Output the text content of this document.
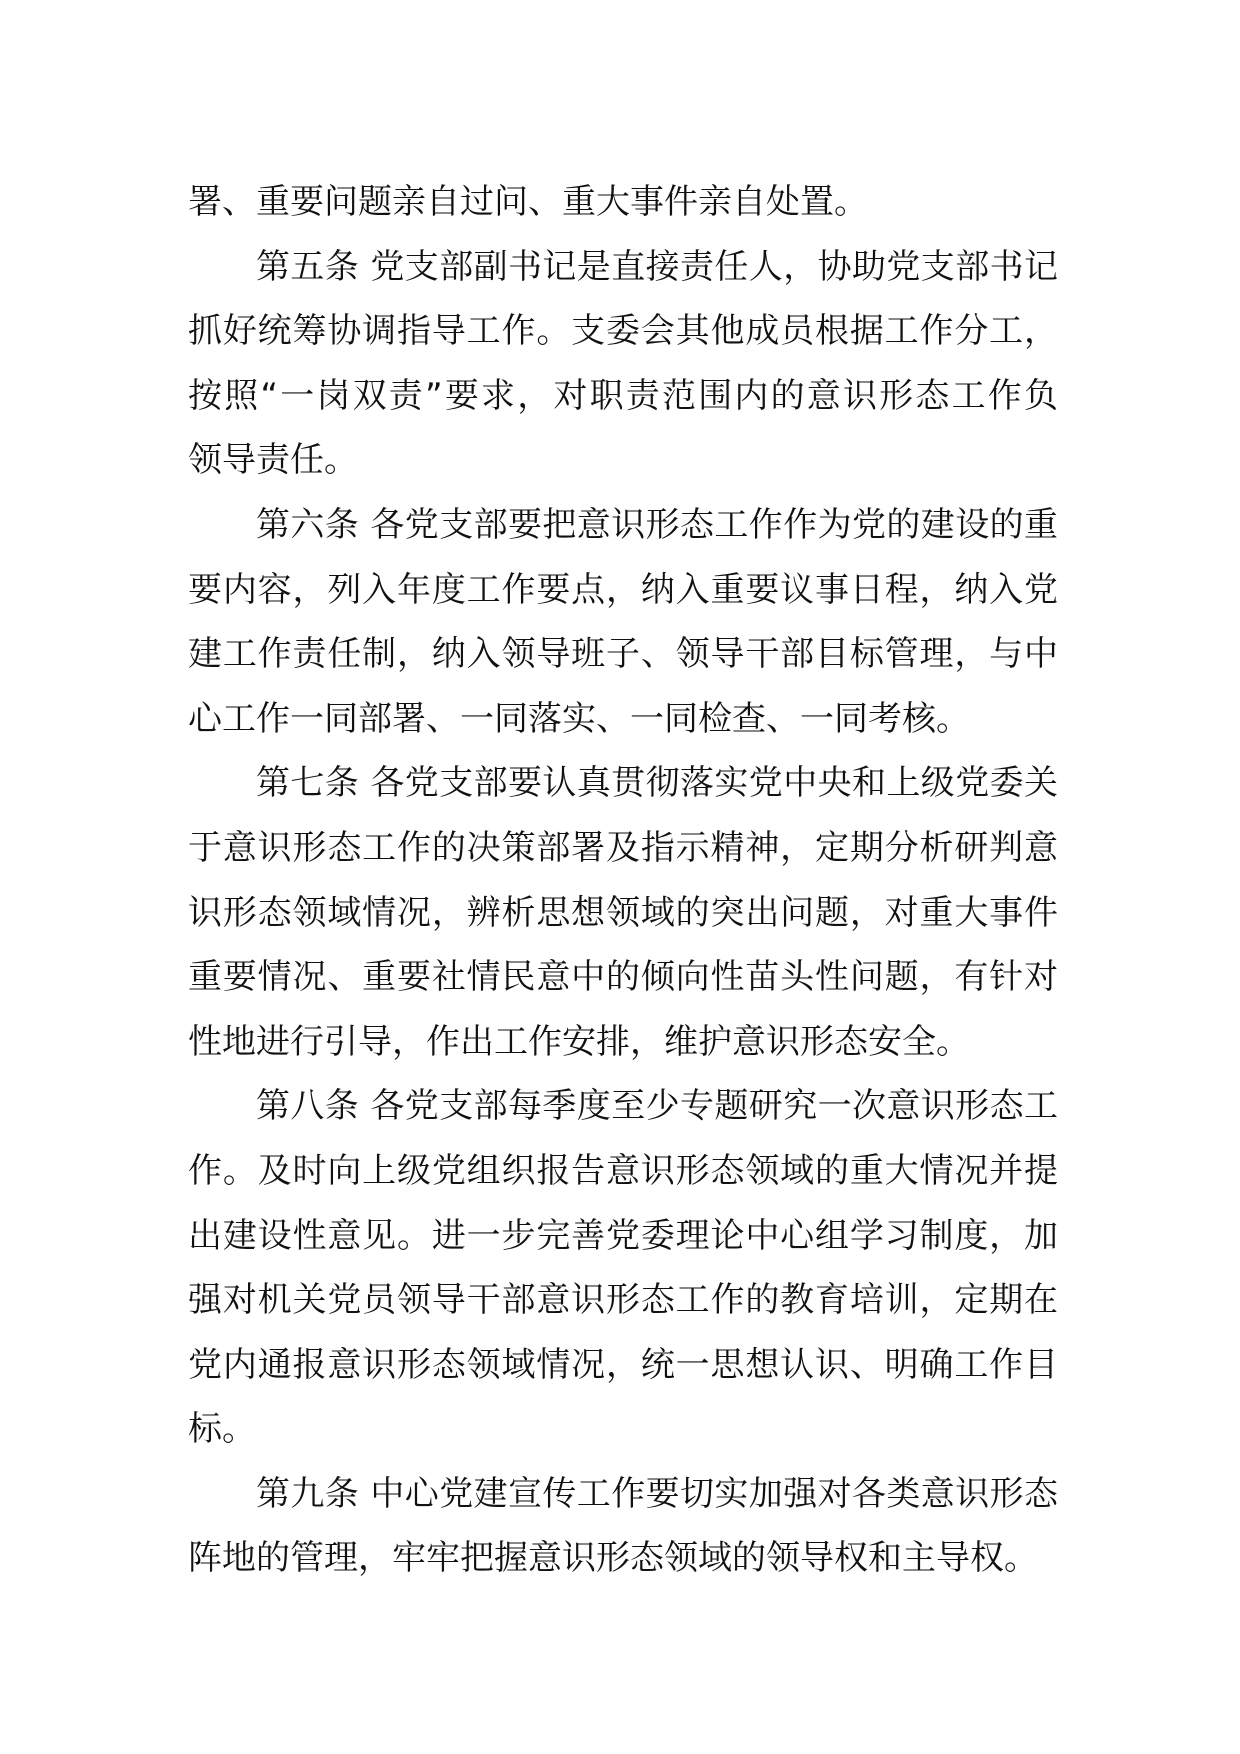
署、重要问题亲自过问、重大事件亲自处置。
第五条 党支部副书记是直接责任人，协助党支部书记
抓好统筹协调指导工作。支委会其他成员根据工作分工，
按照“一岗双责”要求，对职责范围内的意识形态工作负
领导责任。
第六条 各党支部要把意识形态工作作为党的建设的重
要内容，列入年度工作要点，纳入重要议事日程，纳入党
建工作责任制，纳入领导班子、领导干部目标管理，与中
心工作一同部署、一同落实、一同检查、一同考核。
第七条 各党支部要认真贯彻落实党中央和上级党委关
于意识形态工作的决策部署及指示精神，定期分析研判意
识形态领域情况，辨析思想领域的突出问题，对重大事件
重要情况、重要社情民意中的倾向性苗头性问题，有针对
性地进行引导，作出工作安排，维护意识形态安全。
第八条 各党支部每季度至少专题研究一次意识形态工
作。及时向上级党组织报告意识形态领域的重大情况并提
出建设性意见。进一步完善党委理论中心组学习制度，加
强对机关党员领导干部意识形态工作的教育培训，定期在
党内通报意识形态领域情况，统一思想认识、明确工作目
标。
第九条 中心党建宣传工作要切实加强对各类意识形态
阵地的管理，牢牢把握意识形态领域的领导权和主导权。
